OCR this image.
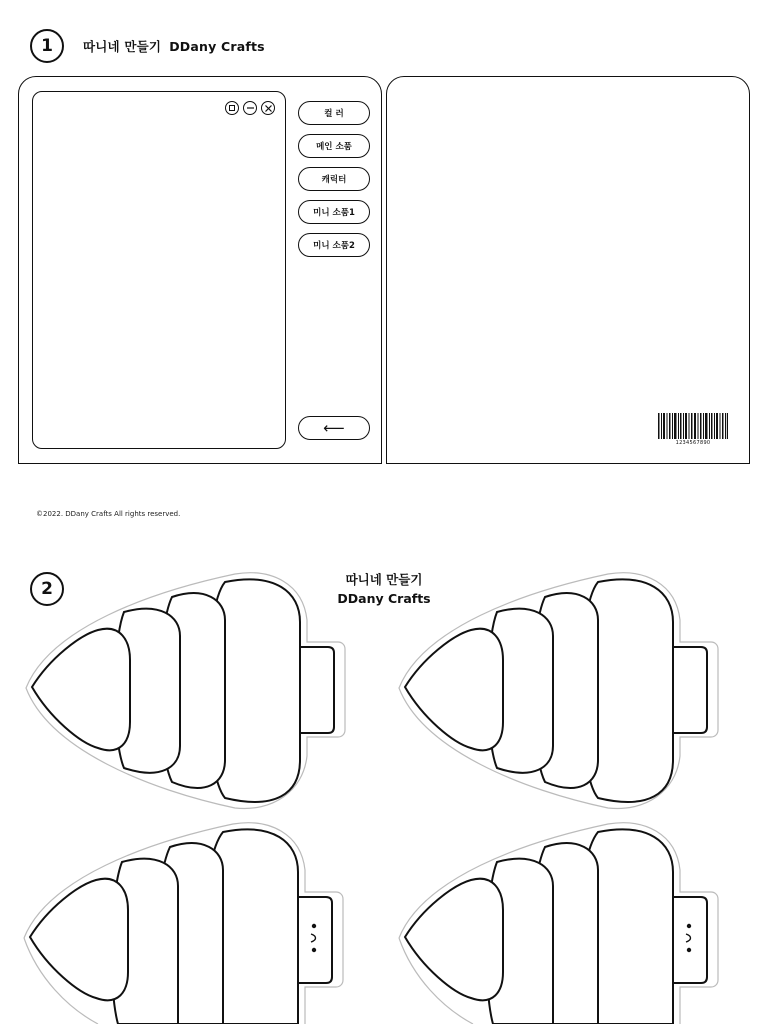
1 따니네 만들기 DDany Crafts
컬 러
메인 소품
캐릭터
미니 소품1
미니 소품2
⟵
1234567890
©2022. DDany Crafts All rights reserved.
2	따니네 만들기
DDany Crafts
